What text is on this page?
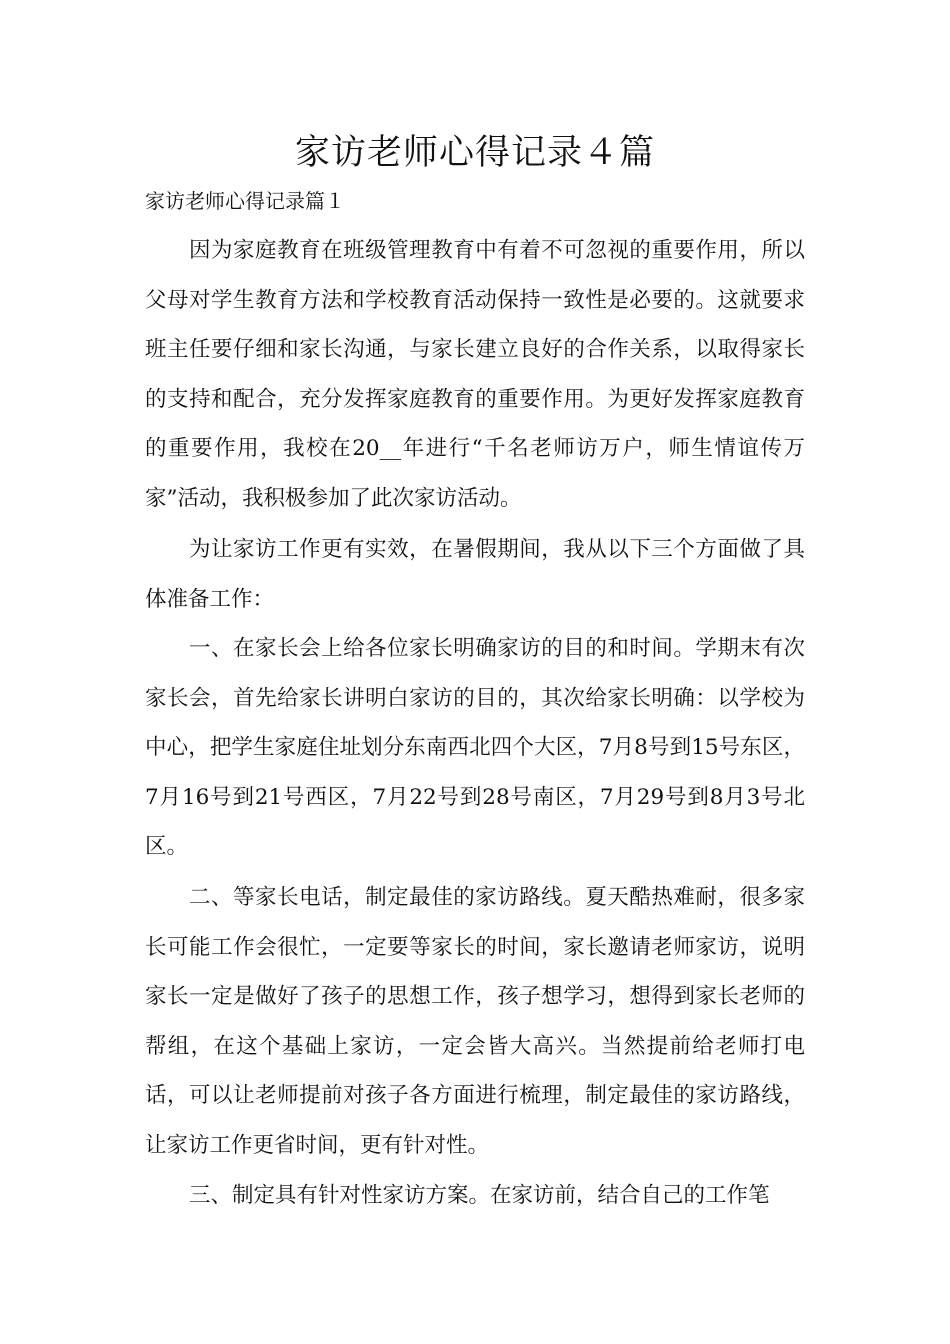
家访老师心得记录４篇

家访老师心得记录篇１

因为家庭教育在班级管理教育中有着不可忽视的重要作用，所以父母对学生教育方法和学校教育活动保持一致性是必要的。这就要求班主任要仔细和家长沟通，与家长建立良好的合作关系，以取得家长的支持和配合，充分发挥家庭教育的重要作用。为更好发挥家庭教育的重要作用，我校在20__年进行“千名老师访万户，师生情谊传万家”活动，我积极参加了此次家访活动。

为让家访工作更有实效，在暑假期间，我从以下三个方面做了具体准备工作：

一、在家长会上给各位家长明确家访的目的和时间。学期末有次家长会，首先给家长讲明白家访的目的，其次给家长明确：以学校为中心，把学生家庭住址划分东南西北四个大区，7月8号到15号东区，7月16号到21号西区，7月22号到28号南区，7月29号到8月3号北区。

二、等家长电话，制定最佳的家访路线。夏天酷热难耐，很多家长可能工作会很忙，一定要等家长的时间，家长邀请老师家访，说明家长一定是做好了孩子的思想工作，孩子想学习，想得到家长老师的帮组，在这个基础上家访，一定会皆大高兴。当然提前给老师打电话，可以让老师提前对孩子各方面进行梳理，制定最佳的家访路线，让家访工作更省时间，更有针对性。

三、制定具有针对性家访方案。在家访前，结合自己的工作笔
